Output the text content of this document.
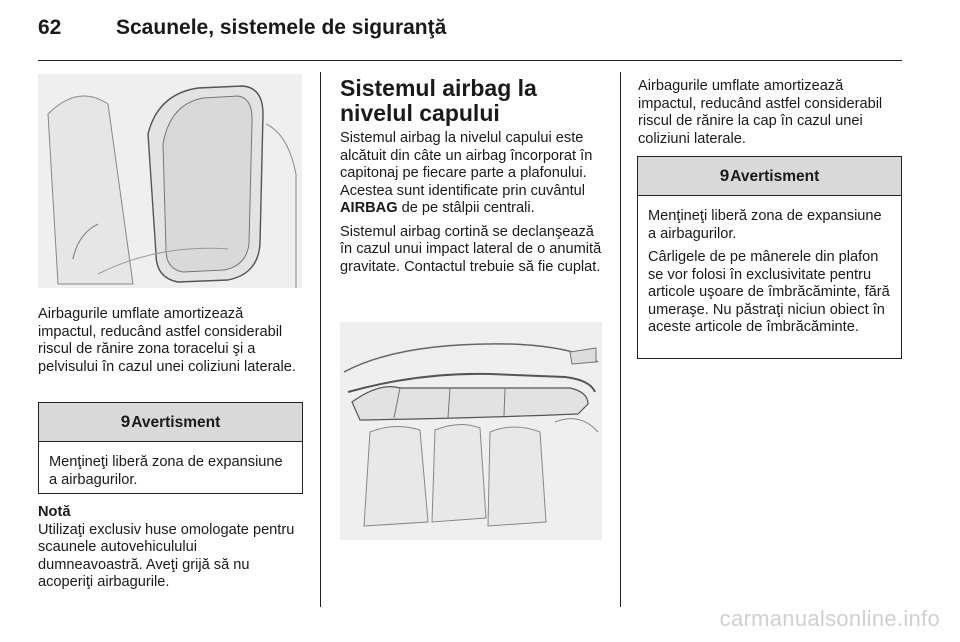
62	Scaunele, sistemele de siguranţă

Airbagurile umflate amortizează impactul, reducând astfel considerabil riscul de rănire zona toracelui şi a pelvisului în cazul unei coliziuni laterale.

9Avertisment

Menţineţi liberă zona de expansiune a airbagurilor.

Notă
Utilizaţi exclusiv huse omologate pentru scaunele autovehiculului dumneavoastră. Aveţi grijă să nu acoperiţi airbagurile.
Sistemul airbag la nivelul capului

Sistemul airbag la nivelul capului este alcătuit din câte un airbag încorporat în capitonaj pe fiecare parte a plafonului. Acestea sunt identificate prin cuvântul AIRBAG de pe stâlpii centrali.

Sistemul airbag cortină se declanşează în cazul unui impact lateral de o anumită gravitate. Contactul trebuie să fie cuplat.

Airbagurile umflate amortizează impactul, reducând astfel considerabil riscul de rănire la cap în cazul unei coliziuni laterale.

9Avertisment

Menţineţi liberă zona de expansiune a airbagurilor.

Cârligele de pe mânerele din plafon se vor folosi în exclusivitate pentru articole uşoare de îmbrăcăminte, fără umeraşe. Nu păstraţi niciun obiect în aceste articole de îmbrăcăminte.

carmanualsonline.info
